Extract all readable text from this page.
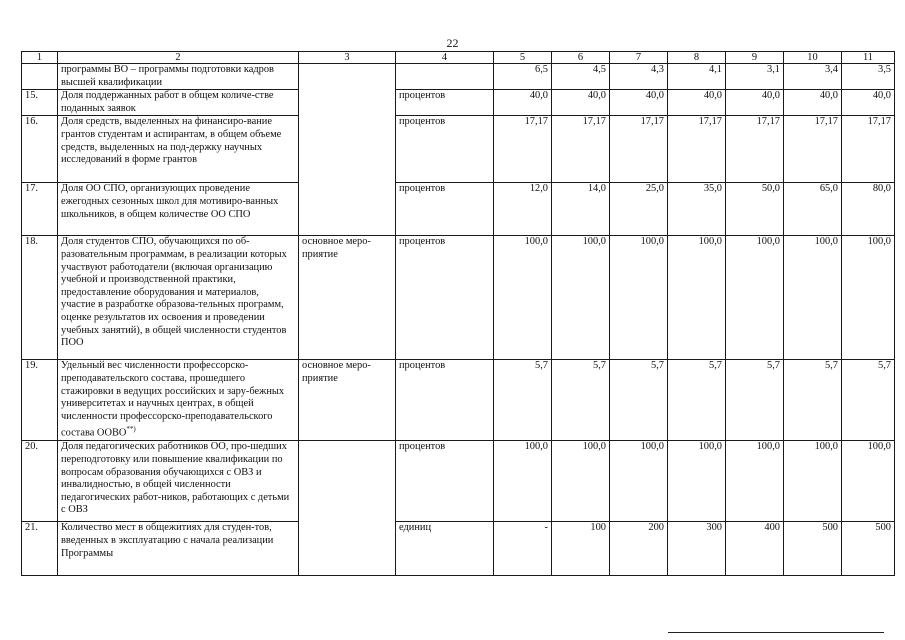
22
1	2	3	4	5	6	7	8	9	10	11
	программы ВО – программы подготовки кадров высшей квалификации			6,5	4,5	4,3	4,1	3,1	3,4	3,5
15.	Доля поддержанных работ в общем количе-стве поданных заявок		процентов	40,0	40,0	40,0	40,0	40,0	40,0	40,0
16.	Доля средств, выделенных на финансиро-вание грантов студентам и аспирантам, в общем объеме средств, выделенных на под-держку научных исследований в форме грантов		процентов	17,17	17,17	17,17	17,17	17,17	17,17	17,17
17.	Доля ОО СПО, организующих проведение ежегодных сезонных школ для мотивиро-ванных школьников, в общем количестве ОО СПО		процентов	12,0	14,0	25,0	35,0	50,0	65,0	80,0
18.	Доля студентов СПО, обучающихся по об-разовательным программам, в реализации которых участвуют работодатели (включая организацию учебной и производственной практики, предоставление оборудования и материалов, участие в разработке образова-тельных программ, оценке результатов их освоения и проведении учебных занятий), в общей численности студентов ПОО	основное меро-приятие	процентов	100,0	100,0	100,0	100,0	100,0	100,0	100,0
19.	Удельный вес численности профессорско-преподавательского состава, прошедшего стажировки в ведущих российских и зару-бежных университетах и научных центрах, в общей численности профессорско-преподавательского состава ООВО**)	основное меро-приятие	процентов	5,7	5,7	5,7	5,7	5,7	5,7	5,7
20.	Доля педагогических работников ОО, про-шедших переподготовку или повышение квалификации по вопросам образования обучающихся с ОВЗ и инвалидностью, в общей численности педагогических работ-ников, работающих с детьми с ОВЗ		процентов	100,0	100,0	100,0	100,0	100,0	100,0	100,0
21.	Количество мест в общежитиях для студен-тов, введенных в эксплуатацию с начала реализации Программы		единиц	-	100	200	300	400	500	500
